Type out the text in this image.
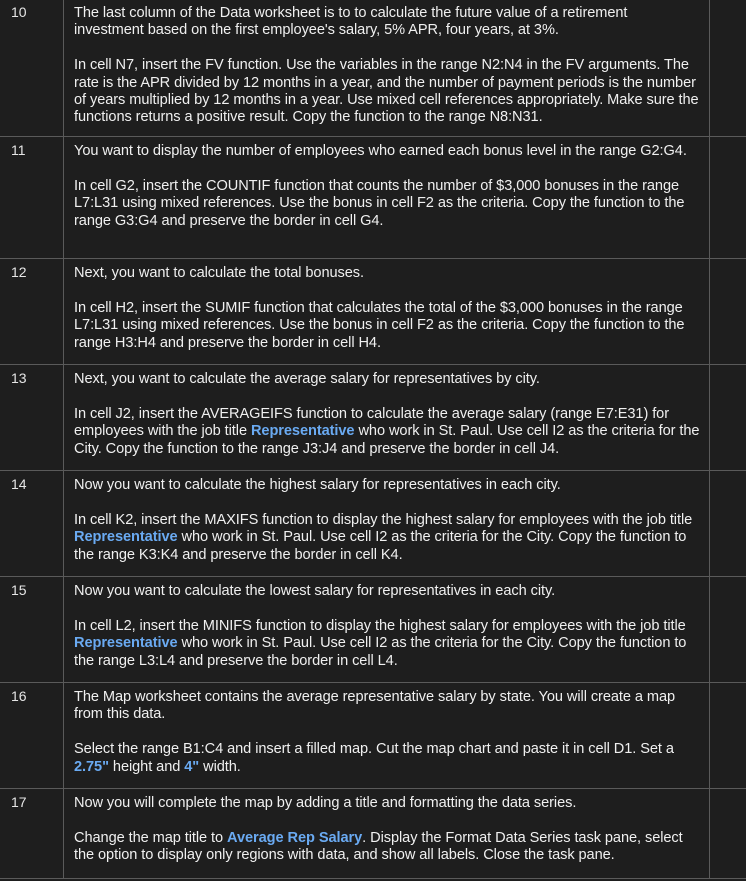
10	The last column of the Data worksheet is to to calculate the future value of a retirement investment based on the first employee's salary, 5% APR, four years, at 3%.

In cell N7, insert the FV function. Use the variables in the range N2:N4 in the FV arguments. The rate is the APR divided by 12 months in a year, and the number of payment periods is the number of years multiplied by 12 months in a year. Use mixed cell references appropriately. Make sure the functions returns a positive result. Copy the function to the range N8:N31.

11	You want to display the number of employees who earned each bonus level in the range G2:G4.

In cell G2, insert the COUNTIF function that counts the number of $3,000 bonuses in the range L7:L31 using mixed references. Use the bonus in cell F2 as the criteria. Copy the function to the range G3:G4 and preserve the border in cell G4.

12	Next, you want to calculate the total bonuses.

In cell H2, insert the SUMIF function that calculates the total of the $3,000 bonuses in the range L7:L31 using mixed references. Use the bonus in cell F2 as the criteria. Copy the function to the range H3:H4 and preserve the border in cell H4.

13	Next, you want to calculate the average salary for representatives by city.

In cell J2, insert the AVERAGEIFS function to calculate the average salary (range E7:E31) for employees with the job title Representative who work in St. Paul. Use cell I2 as the criteria for the City. Copy the function to the range J3:J4 and preserve the border in cell J4.

14	Now you want to calculate the highest salary for representatives in each city.

In cell K2, insert the MAXIFS function to display the highest salary for employees with the job title Representative who work in St. Paul. Use cell I2 as the criteria for the City. Copy the function to the range K3:K4 and preserve the border in cell K4.

15	Now you want to calculate the lowest salary for representatives in each city.

In cell L2, insert the MINIFS function to display the highest salary for employees with the job title Representative who work in St. Paul. Use cell I2 as the criteria for the City. Copy the function to the range L3:L4 and preserve the border in cell L4.

16	The Map worksheet contains the average representative salary by state. You will create a map from this data.

Select the range B1:C4 and insert a filled map. Cut the map chart and paste it in cell D1. Set a 2.75" height and 4" width.

17	Now you will complete the map by adding a title and formatting the data series.

Change the map title to Average Rep Salary. Display the Format Data Series task pane, select the option to display only regions with data, and show all labels. Close the task pane.
